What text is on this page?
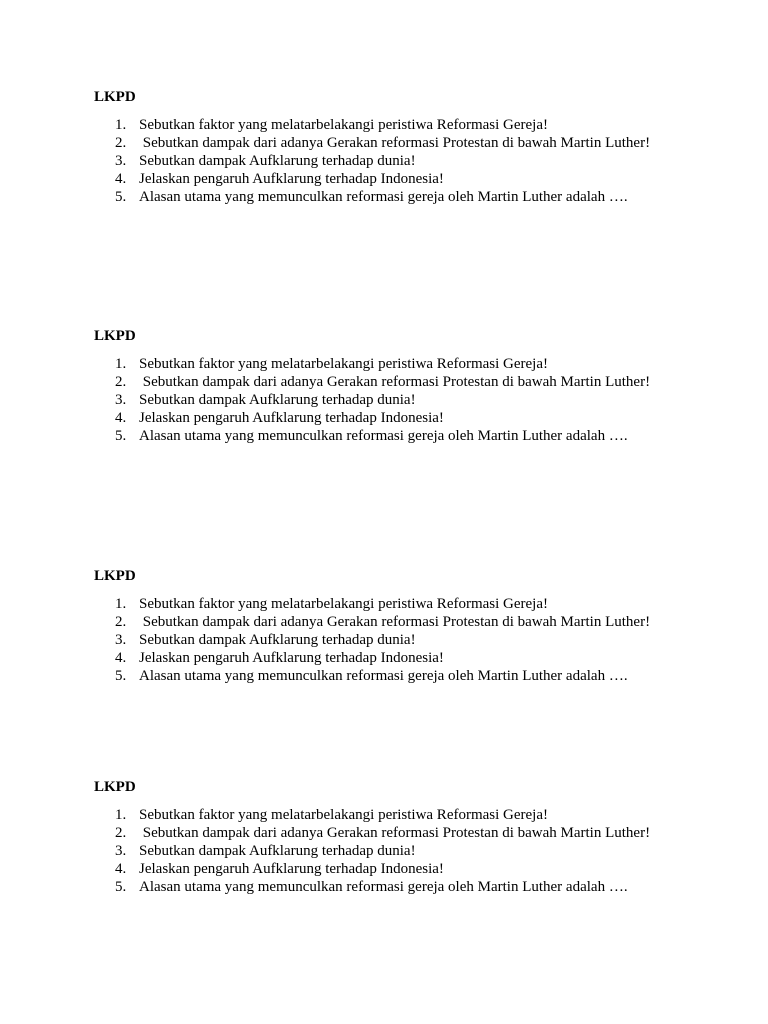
LKPD
1. Sebutkan faktor yang melatarbelakangi peristiwa Reformasi Gereja!
2. Sebutkan dampak dari adanya Gerakan reformasi Protestan di bawah Martin Luther!
3. Sebutkan dampak Aufklarung terhadap dunia!
4. Jelaskan pengaruh Aufklarung terhadap Indonesia!
5. Alasan utama yang memunculkan reformasi gereja oleh Martin Luther adalah ….
LKPD
1. Sebutkan faktor yang melatarbelakangi peristiwa Reformasi Gereja!
2. Sebutkan dampak dari adanya Gerakan reformasi Protestan di bawah Martin Luther!
3. Sebutkan dampak Aufklarung terhadap dunia!
4. Jelaskan pengaruh Aufklarung terhadap Indonesia!
5. Alasan utama yang memunculkan reformasi gereja oleh Martin Luther adalah ….
LKPD
1. Sebutkan faktor yang melatarbelakangi peristiwa Reformasi Gereja!
2. Sebutkan dampak dari adanya Gerakan reformasi Protestan di bawah Martin Luther!
3. Sebutkan dampak Aufklarung terhadap dunia!
4. Jelaskan pengaruh Aufklarung terhadap Indonesia!
5. Alasan utama yang memunculkan reformasi gereja oleh Martin Luther adalah ….
LKPD
1. Sebutkan faktor yang melatarbelakangi peristiwa Reformasi Gereja!
2. Sebutkan dampak dari adanya Gerakan reformasi Protestan di bawah Martin Luther!
3. Sebutkan dampak Aufklarung terhadap dunia!
4. Jelaskan pengaruh Aufklarung terhadap Indonesia!
5. Alasan utama yang memunculkan reformasi gereja oleh Martin Luther adalah ….
